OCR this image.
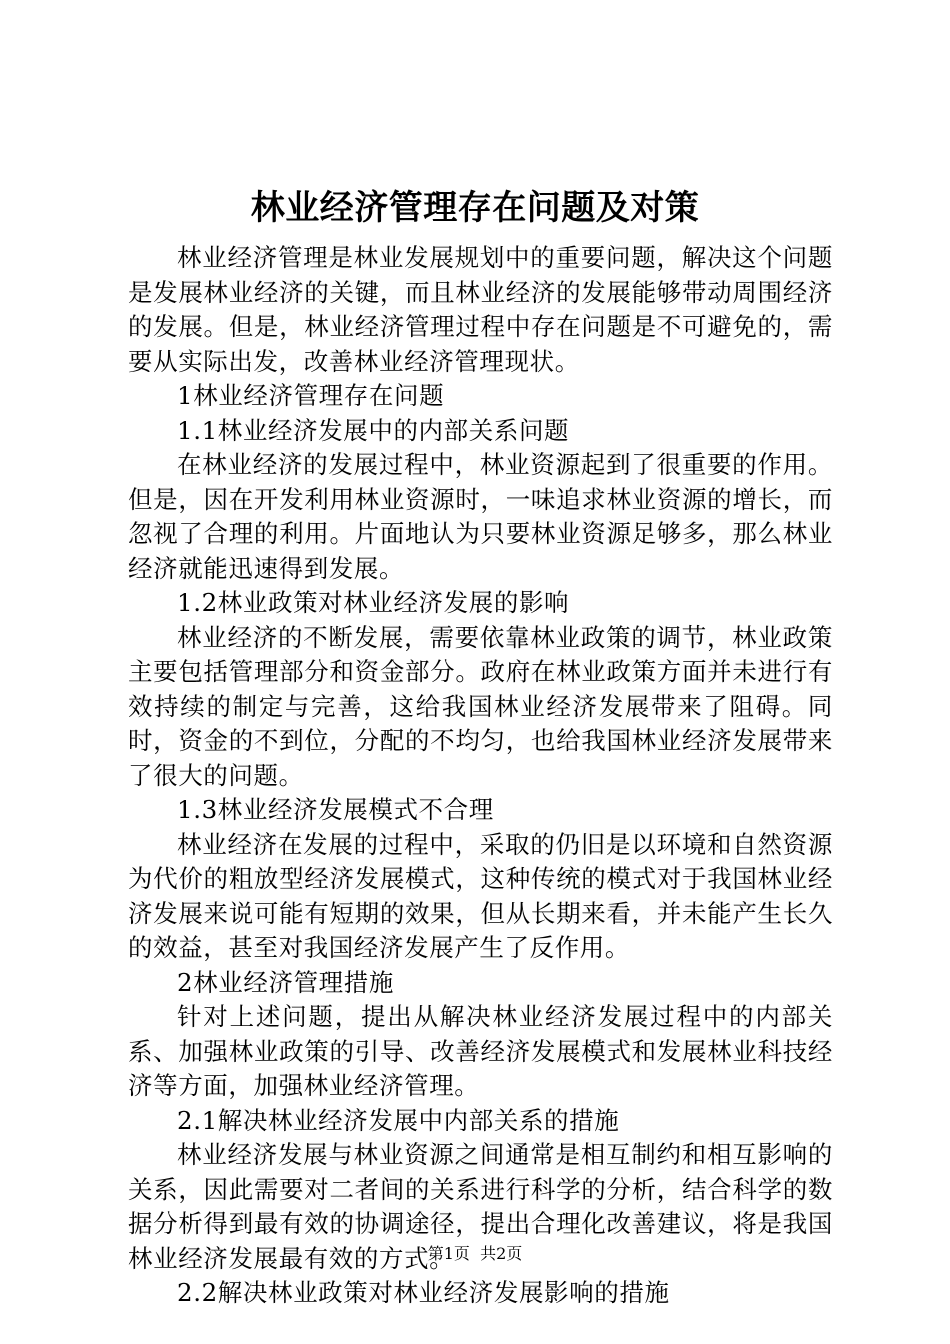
林业经济管理存在问题及对策

林业经济管理是林业发展规划中的重要问题，解决这个问题是发展林业经济的关键，而且林业经济的发展能够带动周围经济的发展。但是，林业经济管理过程中存在问题是不可避免的，需要从实际出发，改善林业经济管理现状。

1林业经济管理存在问题

1.1林业经济发展中的内部关系问题

在林业经济的发展过程中，林业资源起到了很重要的作用。但是，因在开发利用林业资源时，一味追求林业资源的增长，而忽视了合理的利用。片面地认为只要林业资源足够多，那么林业经济就能迅速得到发展。

1.2林业政策对林业经济发展的影响

林业经济的不断发展，需要依靠林业政策的调节，林业政策主要包括管理部分和资金部分。政府在林业政策方面并未进行有效持续的制定与完善，这给我国林业经济发展带来了阻碍。同时，资金的不到位，分配的不均匀，也给我国林业经济发展带来了很大的问题。

1.3林业经济发展模式不合理

林业经济在发展的过程中，采取的仍旧是以环境和自然资源为代价的粗放型经济发展模式，这种传统的模式对于我国林业经济发展来说可能有短期的效果，但从长期来看，并未能产生长久的效益，甚至对我国经济发展产生了反作用。

2林业经济管理措施

针对上述问题，提出从解决林业经济发展过程中的内部关系、加强林业政策的引导、改善经济发展模式和发展林业科技经济等方面，加强林业经济管理。

2.1解决林业经济发展中内部关系的措施

林业经济发展与林业资源之间通常是相互制约和相互影响的关系，因此需要对二者间的关系进行科学的分析，结合科学的数据分析得到最有效的协调途径，提出合理化改善建议，将是我国林业经济发展最有效的方式。

2.2解决林业政策对林业经济发展影响的措施

第1页  共2页
